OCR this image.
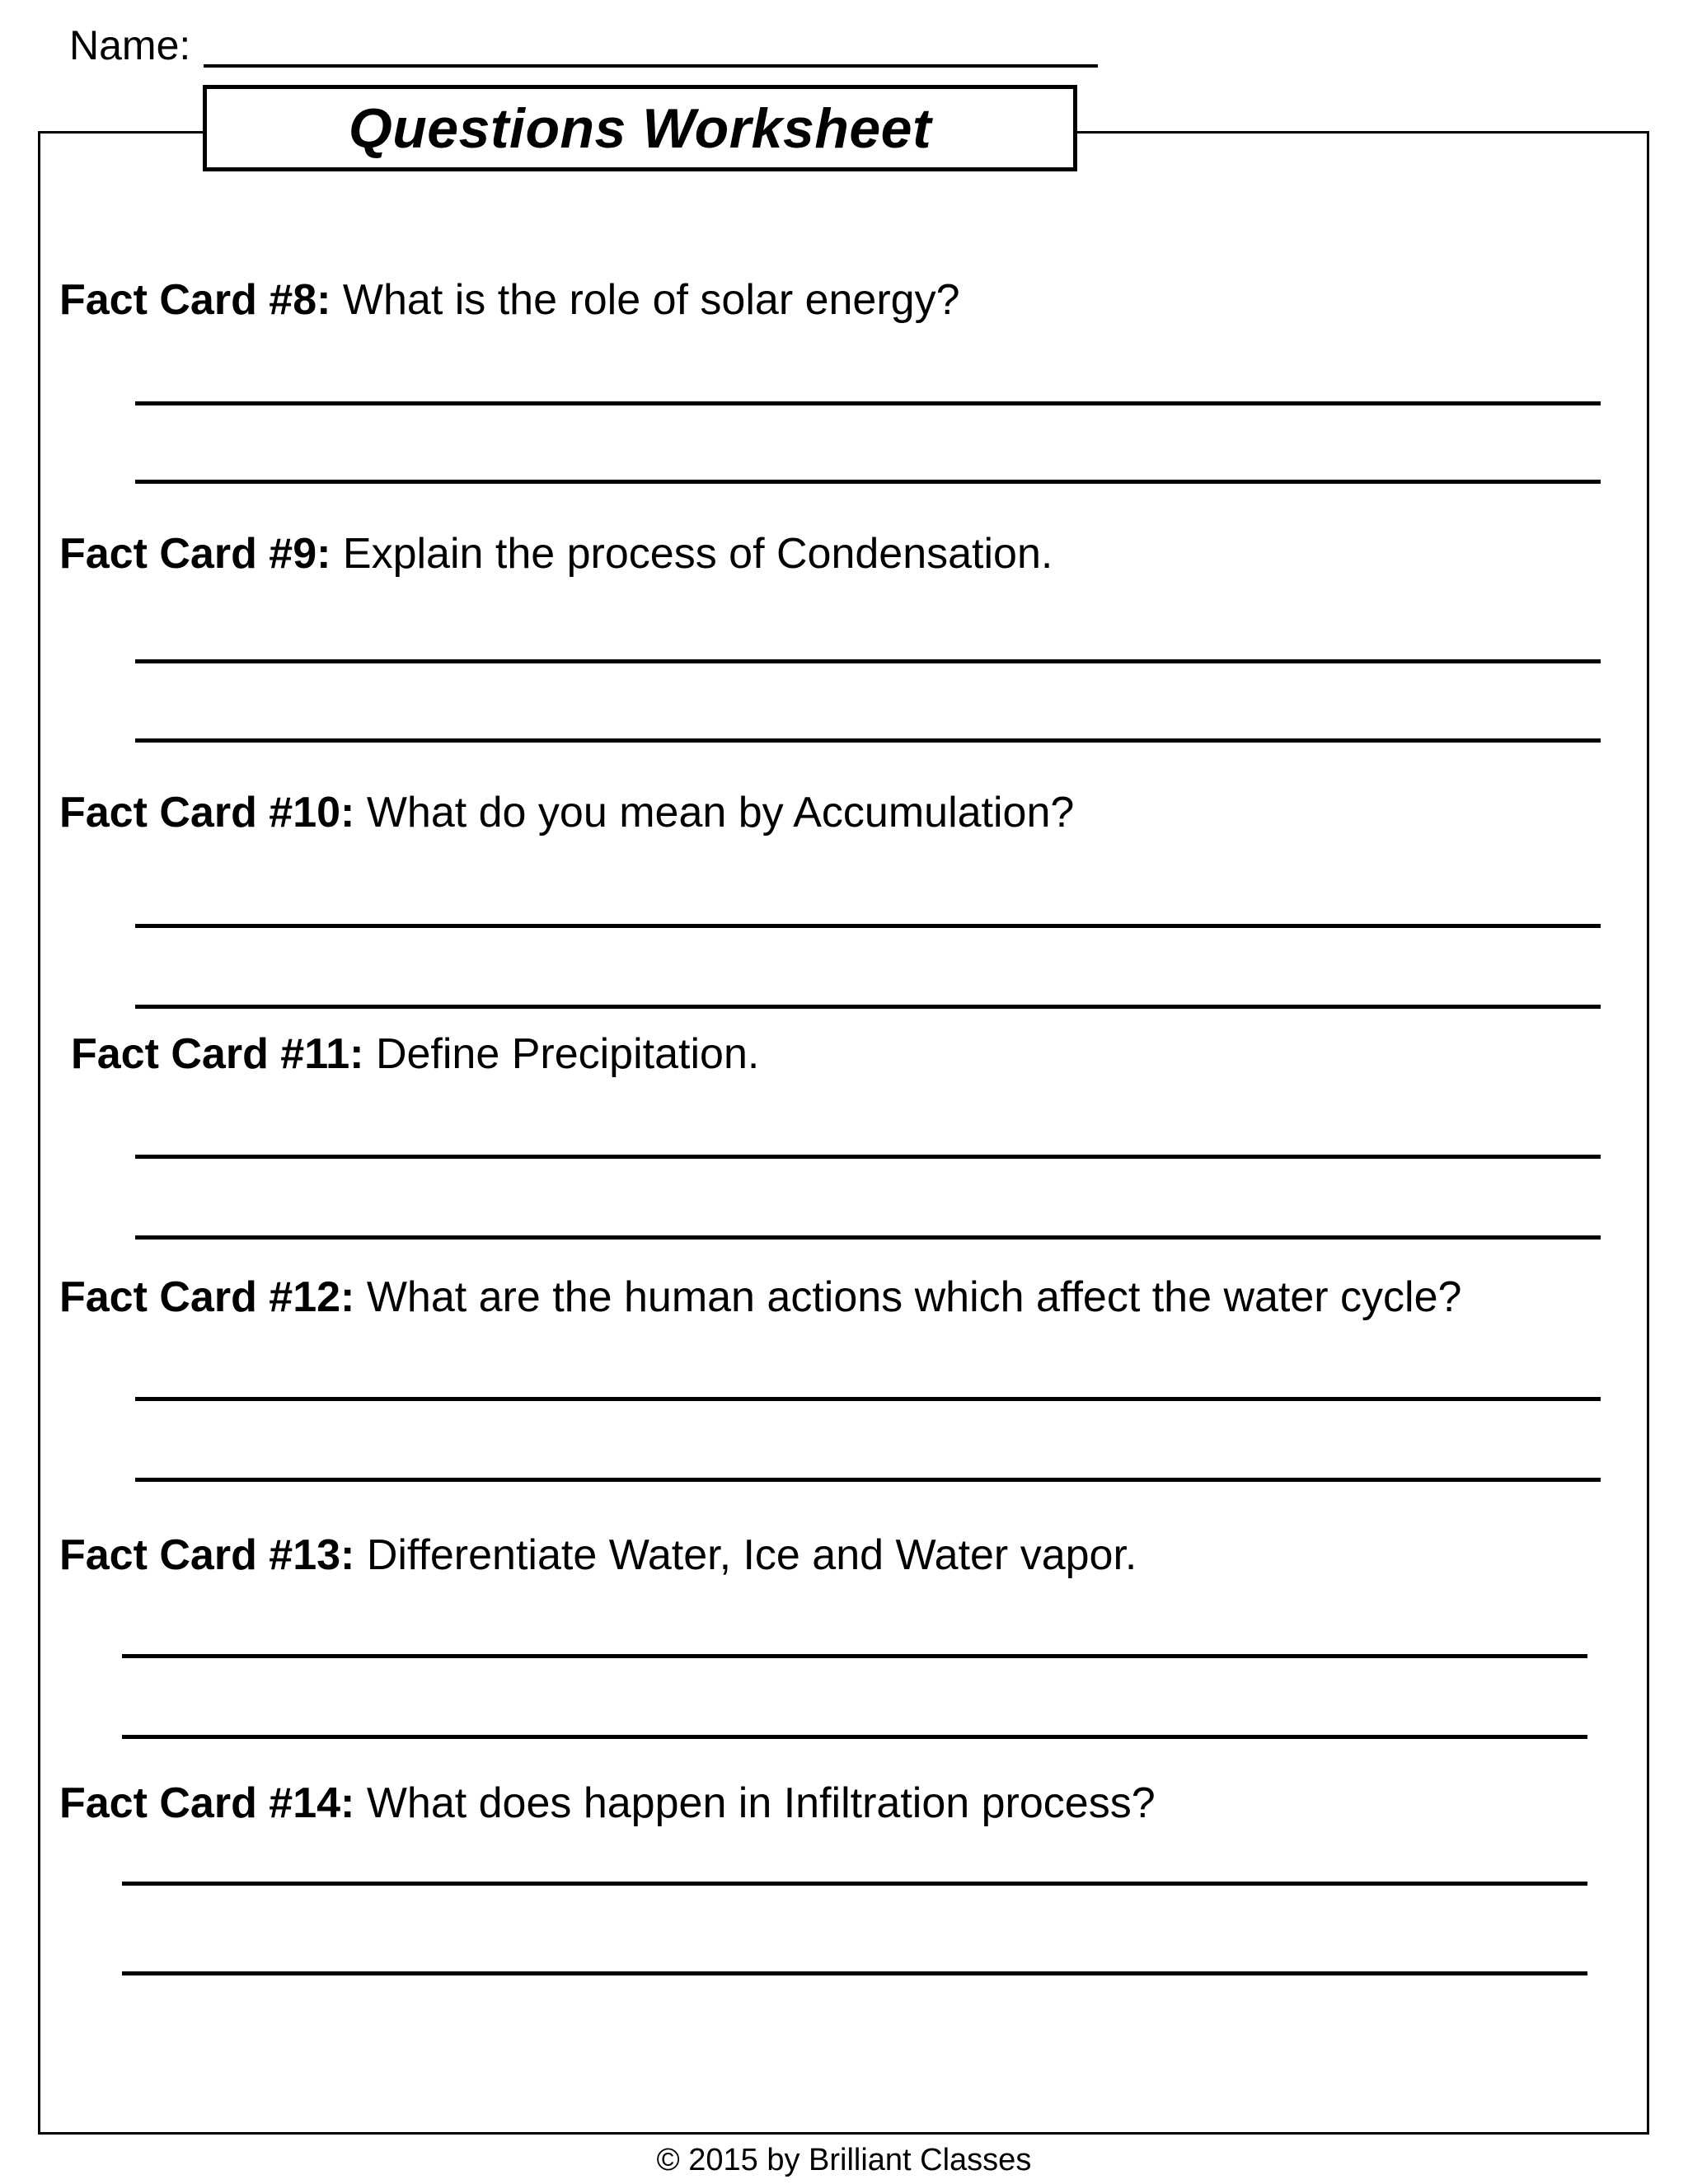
Name:
Questions Worksheet
Fact Card #8: What is the role of solar energy?
Fact Card #9: Explain the process of Condensation.
Fact Card #10: What do you mean by Accumulation?
Fact Card #11: Define Precipitation.
Fact Card #12: What are the human actions which affect the water cycle?
Fact Card #13: Differentiate Water, Ice and Water vapor.
Fact Card #14: What does happen in Infiltration process?
© 2015 by Brilliant Classes
